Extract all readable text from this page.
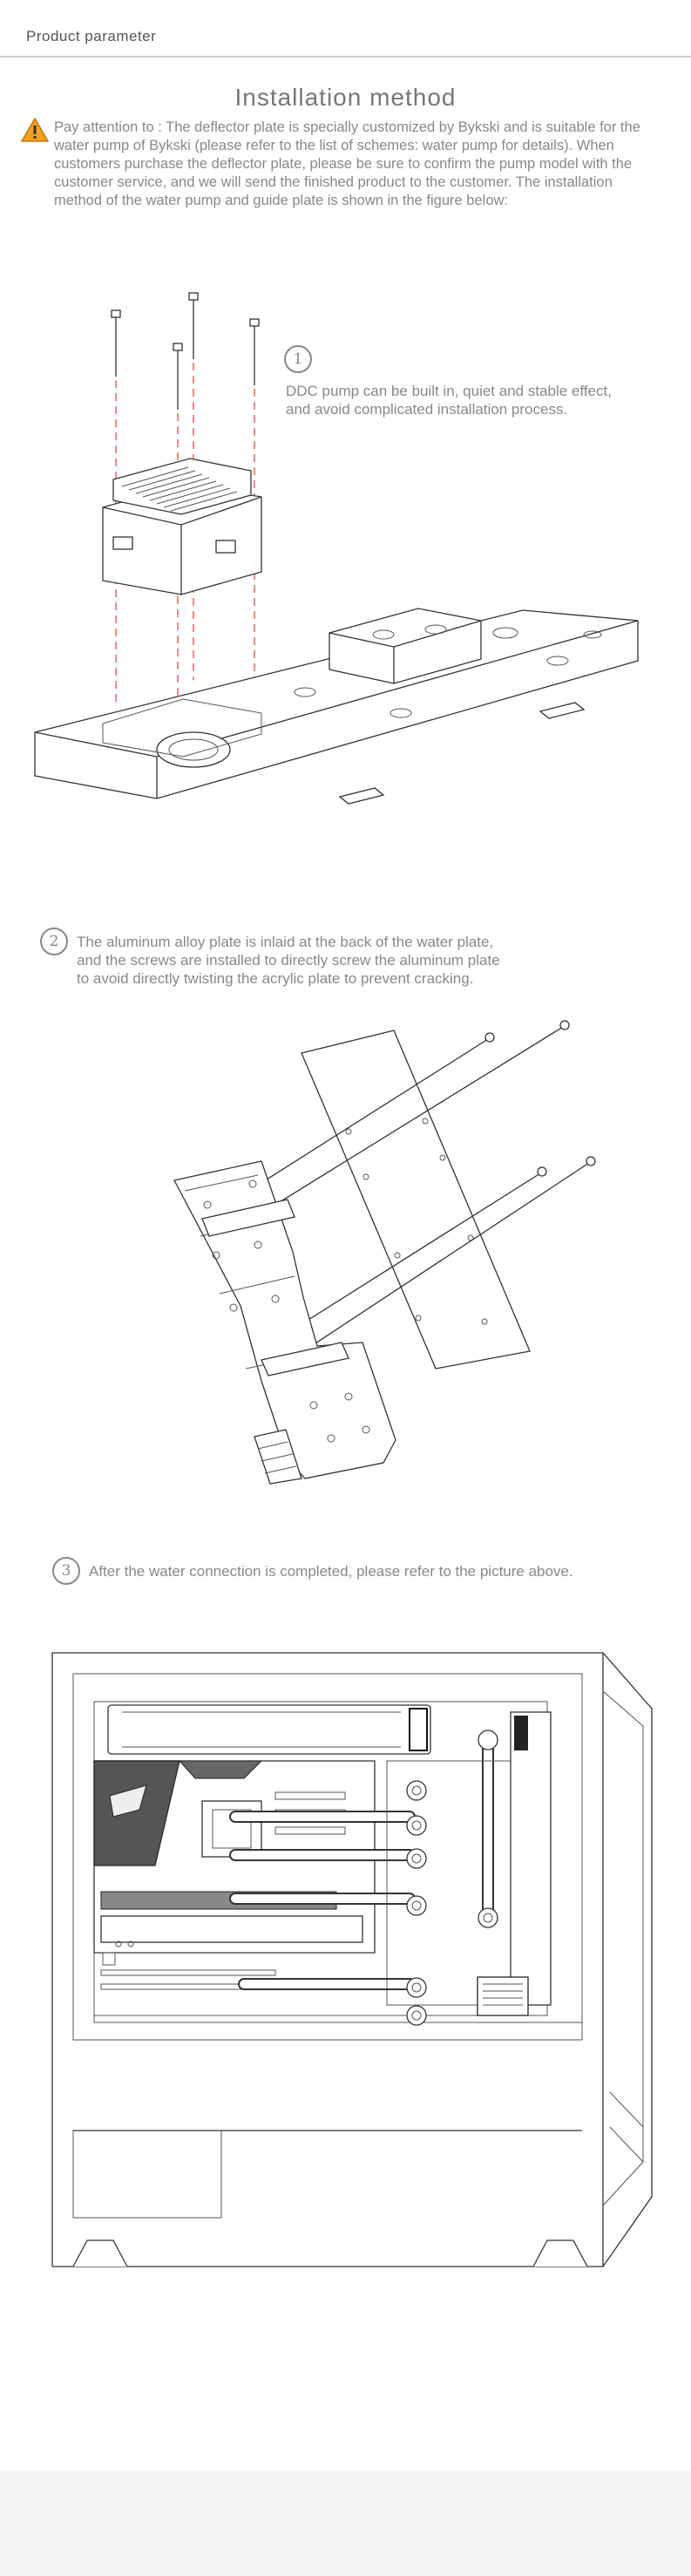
Product parameter
Installation method
Pay attention to : The deflector plate is specially customized by Bykski and is suitable for the water pump of Bykski (please refer to the list of schemes: water pump for details). When customers purchase the deflector plate, please be sure to confirm the pump model with the customer service, and we will send the finished product to the customer. The installation method of the water pump and guide plate is shown in the figure below:
1
DDC pump can be built in, quiet and stable effect,
and avoid complicated installation process.
2	The aluminum alloy plate is inlaid at the back of the water plate,
and the screws are installed to directly screw the aluminum plate
to avoid directly twisting the acrylic plate to prevent cracking.
3	After the water connection is completed, please refer to the picture above.
